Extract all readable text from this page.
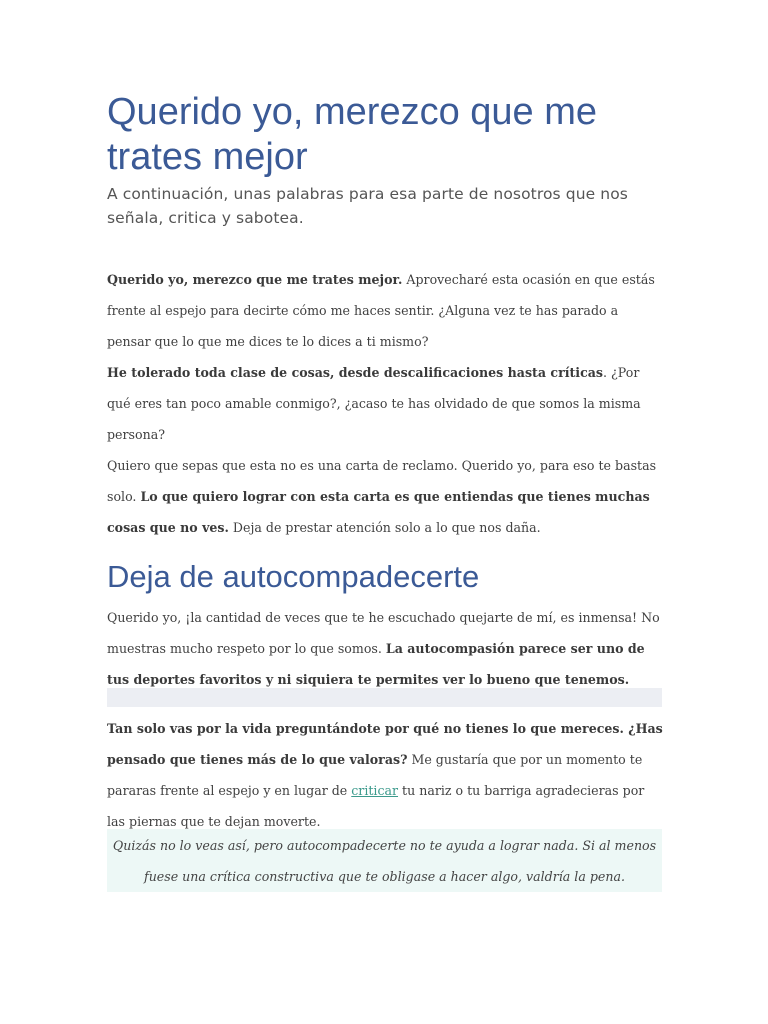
Querido yo, merezco que me trates mejor

A continuación, unas palabras para esa parte de nosotros que nos señala, critica y sabotea.

Querido yo, merezco que me trates mejor. Aprovecharé esta ocasión en que estás frente al espejo para decirte cómo me haces sentir. ¿Alguna vez te has parado a pensar que lo que me dices te lo dices a ti mismo?

He tolerado toda clase de cosas, desde descalificaciones hasta críticas. ¿Por qué eres tan poco amable conmigo?, ¿acaso te has olvidado de que somos la misma persona?

Quiero que sepas que esta no es una carta de reclamo. Querido yo, para eso te bastas solo. Lo que quiero lograr con esta carta es que entiendas que tienes muchas cosas que no ves. Deja de prestar atención solo a lo que nos daña.

Deja de autocompadecerte

Querido yo, ¡la cantidad de veces que te he escuchado quejarte de mí, es inmensa! No muestras mucho respeto por lo que somos. La autocompasión parece ser uno de tus deportes favoritos y ni siquiera te permites ver lo bueno que tenemos.

Tan solo vas por la vida preguntándote por qué no tienes lo que mereces. ¿Has pensado que tienes más de lo que valoras? Me gustaría que por un momento te pararas frente al espejo y en lugar de criticar tu nariz o tu barriga agradecieras por las piernas que te dejan moverte.

Quizás no lo veas así, pero autocompadecerte no te ayuda a lograr nada. Si al menos fuese una crítica constructiva que te obligase a hacer algo, valdría la pena.
